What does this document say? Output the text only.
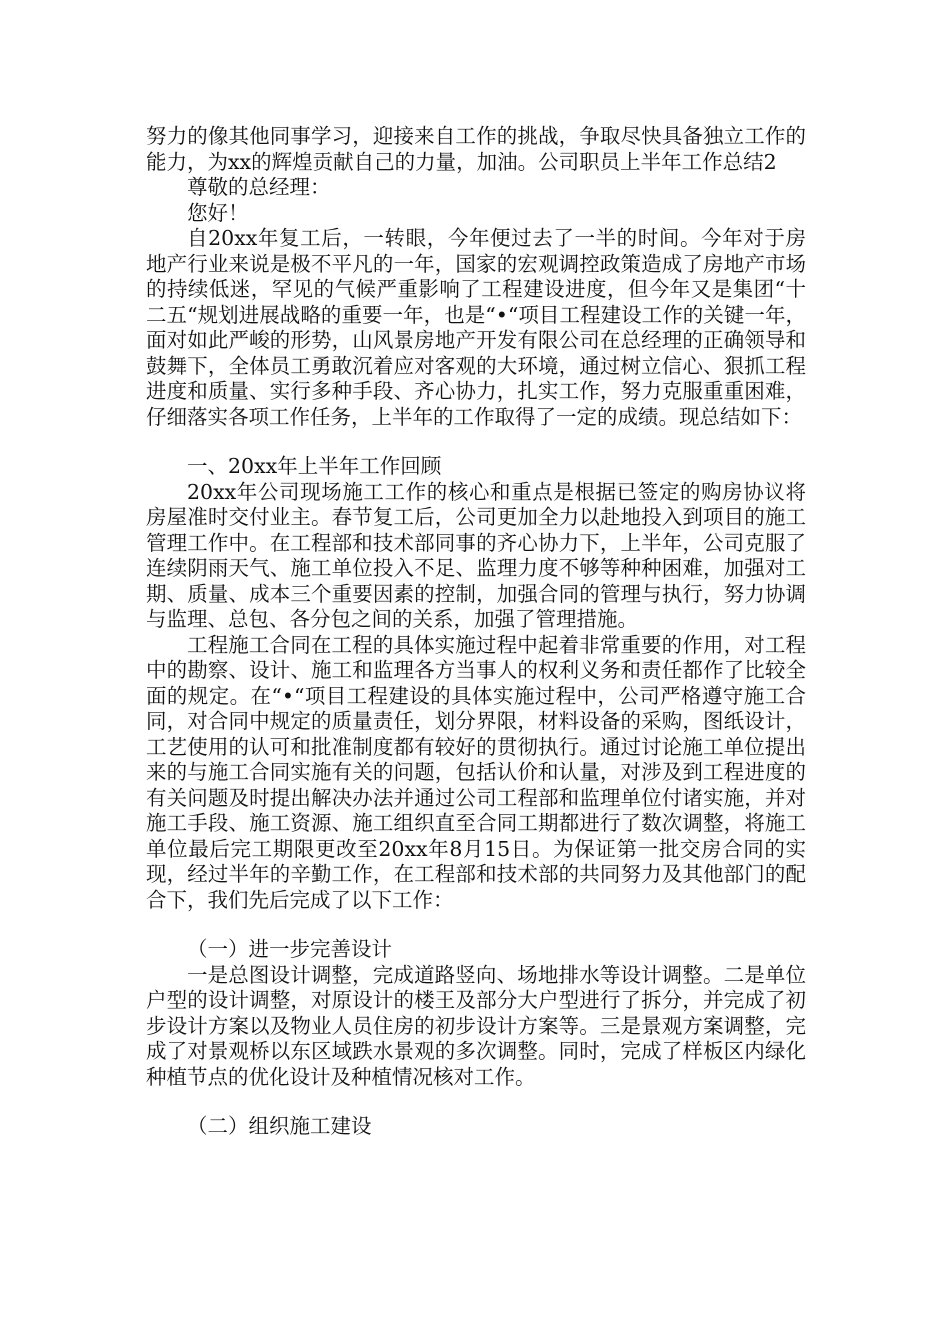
努力的像其他同事学习，迎接来自工作的挑战，争取尽快具备独立工作的能力，为xx的辉煌贡献自己的力量，加油。公司职员上半年工作总结2

尊敬的总经理：

您好！

自20xx年复工后，一转眼，今年便过去了一半的时间。今年对于房地产行业来说是极不平凡的一年，国家的宏观调控政策造成了房地产市场的持续低迷，罕见的气候严重影响了工程建设进度，但今年又是集团“十二五“规划进展战略的重要一年，也是“•“项目工程建设工作的关键一年，面对如此严峻的形势，山风景房地产开发有限公司在总经理的正确领导和鼓舞下，全体员工勇敢沉着应对客观的大环境，通过树立信心、狠抓工程进度和质量、实行多种手段、齐心协力，扎实工作，努力克服重重困难，仔细落实各项工作任务，上半年的工作取得了一定的成绩。现总结如下：

一、20xx年上半年工作回顾

20xx年公司现场施工工作的核心和重点是根据已签定的购房协议将房屋准时交付业主。春节复工后，公司更加全力以赴地投入到项目的施工管理工作中。在工程部和技术部同事的齐心协力下，上半年，公司克服了连续阴雨天气、施工单位投入不足、监理力度不够等种种困难，加强对工期、质量、成本三个重要因素的控制，加强合同的管理与执行，努力协调与监理、总包、各分包之间的关系，加强了管理措施。

工程施工合同在工程的具体实施过程中起着非常重要的作用，对工程中的勘察、设计、施工和监理各方当事人的权利义务和责任都作了比较全面的规定。在“•“项目工程建设的具体实施过程中，公司严格遵守施工合同，对合同中规定的质量责任，划分界限，材料设备的采购，图纸设计，工艺使用的认可和批准制度都有较好的贯彻执行。通过讨论施工单位提出来的与施工合同实施有关的问题，包括认价和认量，对涉及到工程进度的有关问题及时提出解决办法并通过公司工程部和监理单位付诸实施，并对施工手段、施工资源、施工组织直至合同工期都进行了数次调整，将施工单位最后完工期限更改至20xx年8月15日。为保证第一批交房合同的实现，经过半年的辛勤工作，在工程部和技术部的共同努力及其他部门的配合下，我们先后完成了以下工作：

（一）进一步完善设计

一是总图设计调整，完成道路竖向、场地排水等设计调整。二是单位户型的设计调整，对原设计的楼王及部分大户型进行了拆分，并完成了初步设计方案以及物业人员住房的初步设计方案等。三是景观方案调整，完成了对景观桥以东区域跌水景观的多次调整。同时，完成了样板区内绿化种植节点的优化设计及种植情况核对工作。

（二）组织施工建设
